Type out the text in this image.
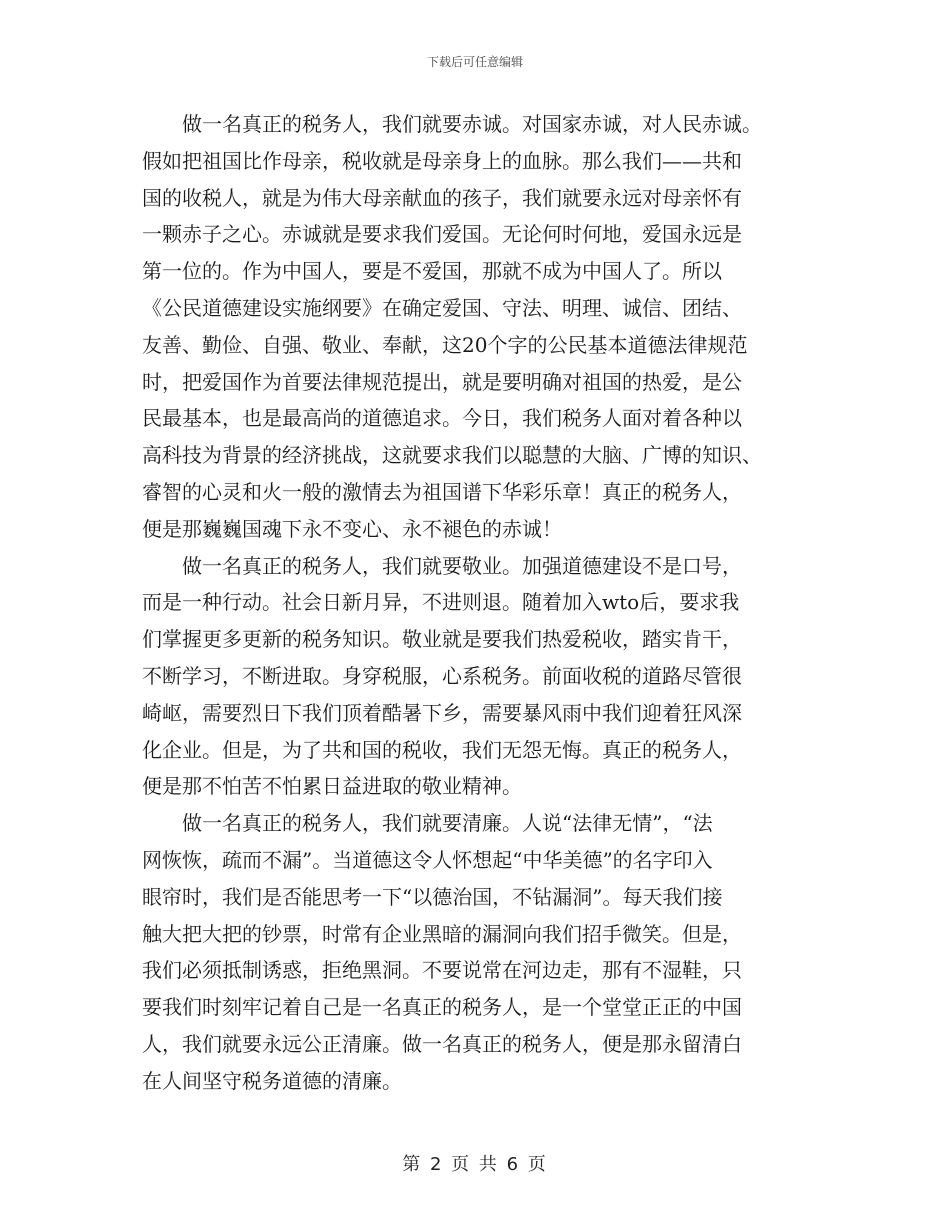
下载后可任意编辑
做一名真正的税务人，我们就要赤诚。对国家赤诚，对人民赤诚。
假如把祖国比作母亲，税收就是母亲身上的血脉。那么我们——共和
国的收税人，就是为伟大母亲献血的孩子，我们就要永远对母亲怀有
一颗赤子之心。赤诚就是要求我们爱国。无论何时何地，爱国永远是
第一位的。作为中国人，要是不爱国，那就不成为中国人了。所以
《公民道德建设实施纲要》在确定爱国、守法、明理、诚信、团结、
友善、勤俭、自强、敬业、奉献，这20个字的公民基本道德法律规范
时，把爱国作为首要法律规范提出，就是要明确对祖国的热爱，是公
民最基本，也是最高尚的道德追求。今日，我们税务人面对着各种以
高科技为背景的经济挑战，这就要求我们以聪慧的大脑、广博的知识、
睿智的心灵和火一般的激情去为祖国谱下华彩乐章！真正的税务人，
便是那巍巍国魂下永不变心、永不褪色的赤诚！
做一名真正的税务人，我们就要敬业。加强道德建设不是口号，
而是一种行动。社会日新月异，不进则退。随着加入wto后，要求我
们掌握更多更新的税务知识。敬业就是要我们热爱税收，踏实肯干，
不断学习，不断进取。身穿税服，心系税务。前面收税的道路尽管很
崎岖，需要烈日下我们顶着酷暑下乡，需要暴风雨中我们迎着狂风深
化企业。但是，为了共和国的税收，我们无怨无悔。真正的税务人，
便是那不怕苦不怕累日益进取的敬业精神。
做一名真正的税务人，我们就要清廉。人说“法律无情”，“法
网恢恢，疏而不漏”。当道德这令人怀想起“中华美德”的名字印入
眼帘时，我们是否能思考一下“以德治国，不钻漏洞”。每天我们接
触大把大把的钞票，时常有企业黑暗的漏洞向我们招手微笑。但是，
我们必须抵制诱惑，拒绝黑洞。不要说常在河边走，那有不湿鞋，只
要我们时刻牢记着自己是一名真正的税务人，是一个堂堂正正的中国
人，我们就要永远公正清廉。做一名真正的税务人，便是那永留清白
在人间坚守税务道德的清廉。
第 2 页 共 6 页
